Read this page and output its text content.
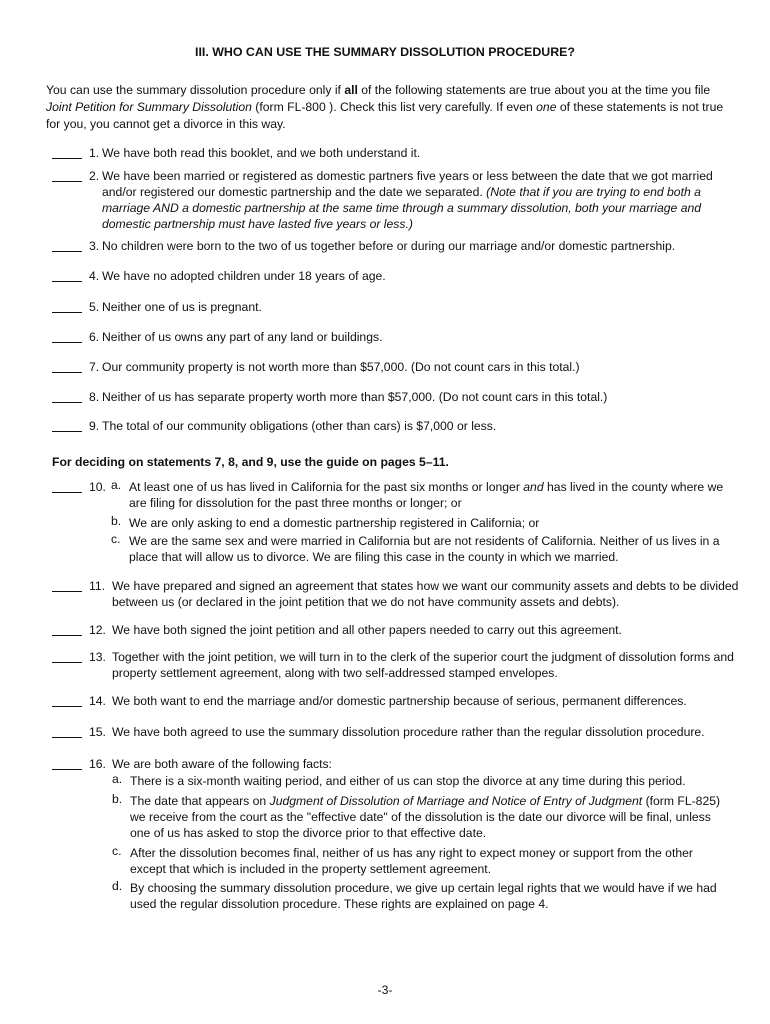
III. WHO CAN USE THE SUMMARY DISSOLUTION PROCEDURE?
You can use the summary dissolution procedure only if all of the following statements are true about you at the time you file Joint Petition for Summary Dissolution (form FL-800 ). Check this list very carefully. If even one of these statements is not true for you, you cannot get a divorce in this way.
1. We have both read this booklet, and we both understand it.
2. We have been married or registered as domestic partners five years or less between the date that we got married and/or registered our domestic partnership and the date we separated. (Note that if you are trying to end both a marriage AND a domestic partnership at the same time through a summary dissolution, both your marriage and domestic partnership must have lasted five years or less.)
3. No children were born to the two of us together before or during our marriage and/or domestic partnership.
4. We have no adopted children under 18 years of age.
5. Neither one of us is pregnant.
6. Neither of us owns any part of any land or buildings.
7. Our community property is not worth more than $57,000. (Do not count cars in this total.)
8. Neither of us has separate property worth more than $57,000. (Do not count cars in this total.)
9. The total of our community obligations (other than cars) is $7,000 or less.
For deciding on statements 7, 8, and 9, use the guide on pages 5–11.
10. a. At least one of us has lived in California for the past six months or longer and has lived in the county where we are filing for dissolution for the past three months or longer; or
b. We are only asking to end a domestic partnership registered in California; or
c. We are the same sex and were married in California but are not residents of California. Neither of us lives in a place that will allow us to divorce. We are filing this case in the county in which we married.
11. We have prepared and signed an agreement that states how we want our community assets and debts to be divided between us (or declared in the joint petition that we do not have community assets and debts).
12. We have both signed the joint petition and all other papers needed to carry out this agreement.
13. Together with the joint petition, we will turn in to the clerk of the superior court the judgment of dissolution forms and property settlement agreement, along with two self-addressed stamped envelopes.
14. We both want to end the marriage and/or domestic partnership because of serious, permanent differences.
15. We have both agreed to use the summary dissolution procedure rather than the regular dissolution procedure.
16. We are both aware of the following facts:
a. There is a six-month waiting period, and either of us can stop the divorce at any time during this period.
b. The date that appears on Judgment of Dissolution of Marriage and Notice of Entry of Judgment (form FL-825) we receive from the court as the "effective date" of the dissolution is the date our divorce will be final, unless one of us has asked to stop the divorce prior to that effective date.
c. After the dissolution becomes final, neither of us has any right to expect money or support from the other except that which is included in the property settlement agreement.
d. By choosing the summary dissolution procedure, we give up certain legal rights that we would have if we had used the regular dissolution procedure. These rights are explained on page 4.
-3-
